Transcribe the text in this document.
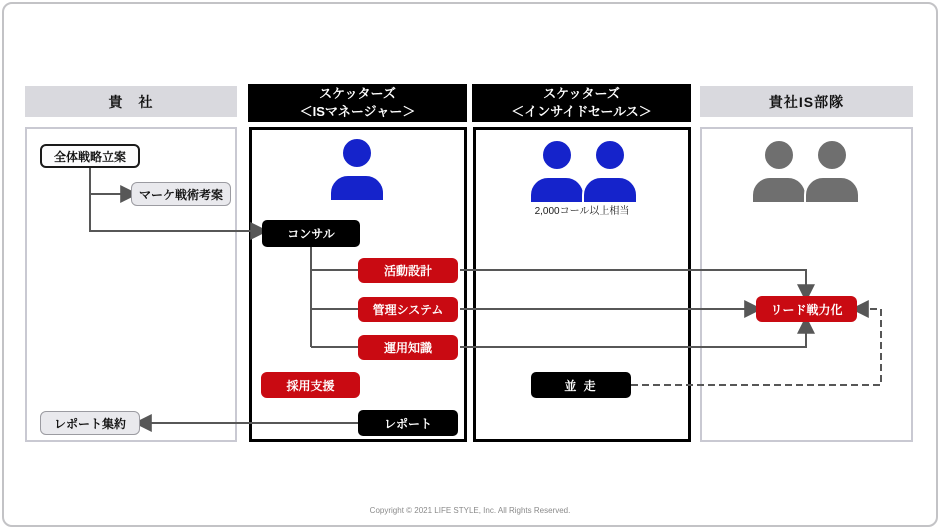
貴　社
スケッターズ
＜ISマネージャー＞
スケッターズ
＜インサイドセールス＞
貴社IS部隊
2,000コール以上相当
全体戦略立案
マーケ戦術考案
コンサル
活動設計
管理システム
運用知識
採用支援
レポート
並 走
リード戦力化
レポート集約
Copyright © 2021 LIFE STYLE, Inc. All Rights Reserved.
